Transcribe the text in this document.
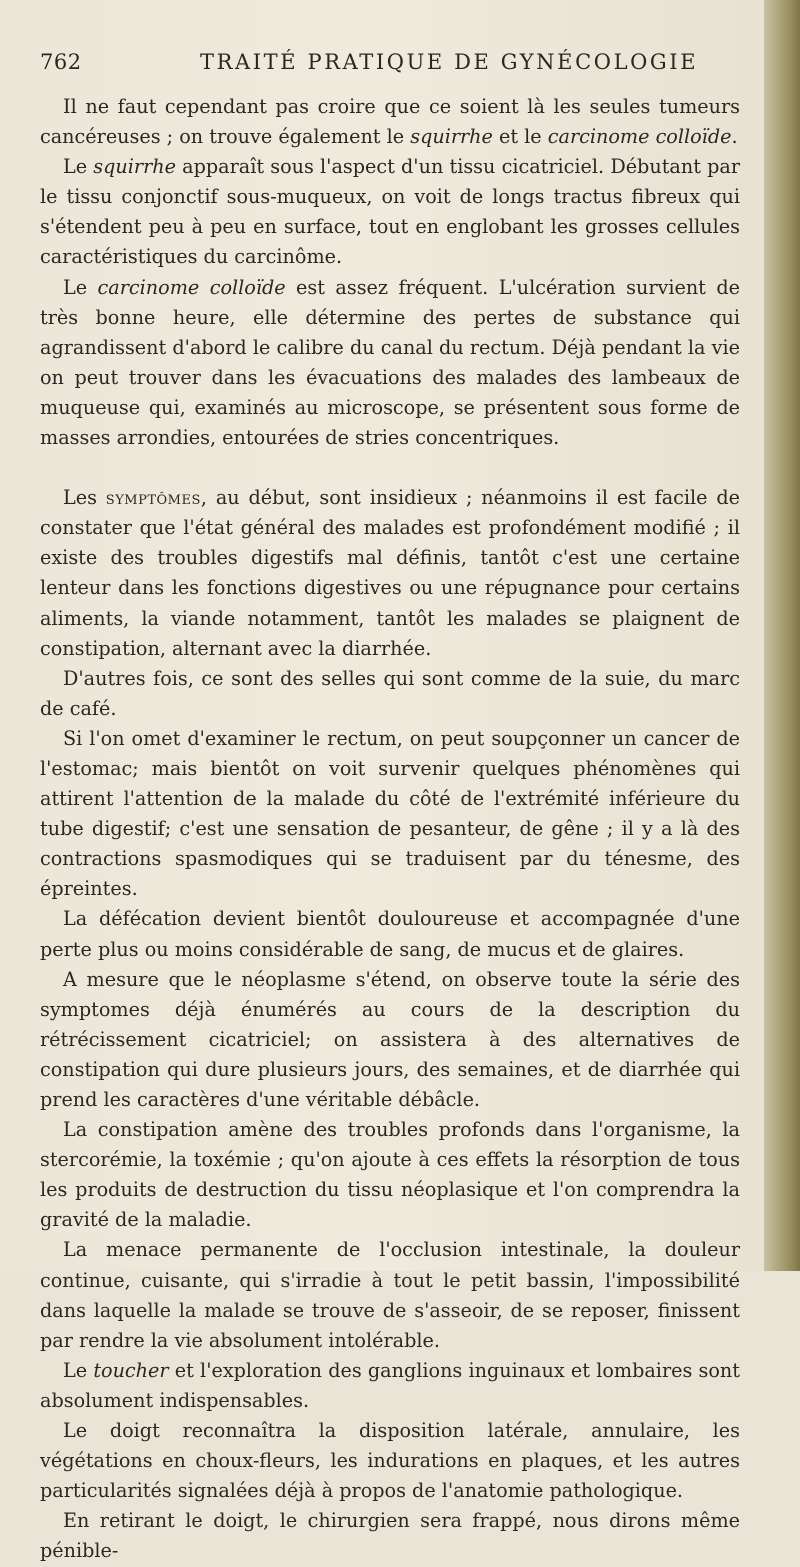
762	TRAITÉ PRATIQUE DE GYNÉCOLOGIE

Il ne faut cependant pas croire que ce soient là les seules tumeurs cancéreuses ; on trouve également le squirrhe et le carcinome colloïde.

Le squirrhe apparaît sous l'aspect d'un tissu cicatriciel. Débutant par le tissu conjonctif sous-muqueux, on voit de longs tractus fibreux qui s'étendent peu à peu en surface, tout en englobant les grosses cellules caractéristiques du carcinôme.

Le carcinome colloïde est assez fréquent. L'ulcération survient de très bonne heure, elle détermine des pertes de substance qui agrandissent d'abord le calibre du canal du rectum. Déjà pendant la vie on peut trouver dans les évacuations des malades des lambeaux de muqueuse qui, examinés au microscope, se présentent sous forme de masses arrondies, entourées de stries concentriques.

Les symptômes, au début, sont insidieux ; néanmoins il est facile de constater que l'état général des malades est profondément modifié ; il existe des troubles digestifs mal définis, tantôt c'est une certaine lenteur dans les fonctions digestives ou une répugnance pour certains aliments, la viande notamment, tantôt les malades se plaignent de constipation, alternant avec la diarrhée.

D'autres fois, ce sont des selles qui sont comme de la suie, du marc de café.

Si l'on omet d'examiner le rectum, on peut soupçonner un cancer de l'estomac; mais bientôt on voit survenir quelques phénomènes qui attirent l'attention de la malade du côté de l'extrémité inférieure du tube digestif; c'est une sensation de pesanteur, de gêne ; il y a là des contractions spasmodiques qui se traduisent par du ténesme, des épreintes.

La défécation devient bientôt douloureuse et accompagnée d'une perte plus ou moins considérable de sang, de mucus et de glaires.

A mesure que le néoplasme s'étend, on observe toute la série des symptomes déjà énumérés au cours de la description du rétrécissement cicatriciel; on assistera à des alternatives de constipation qui dure plusieurs jours, des semaines, et de diarrhée qui prend les caractères d'une véritable débâcle.

La constipation amène des troubles profonds dans l'organisme, la stercorémie, la toxémie ; qu'on ajoute à ces effets la résorption de tous les produits de destruction du tissu néoplasique et l'on comprendra la gravité de la maladie.

La menace permanente de l'occlusion intestinale, la douleur continue, cuisante, qui s'irradie à tout le petit bassin, l'impossibilité dans laquelle la malade se trouve de s'asseoir, de se reposer, finissent par rendre la vie absolument intolérable.

Le toucher et l'exploration des ganglions inguinaux et lombaires sont absolument indispensables.

Le doigt reconnaîtra la disposition latérale, annulaire, les végétations en choux-fleurs, les indurations en plaques, et les autres particularités signalées déjà à propos de l'anatomie pathologique.

En retirant le doigt, le chirurgien sera frappé, nous dirons même pénible-
